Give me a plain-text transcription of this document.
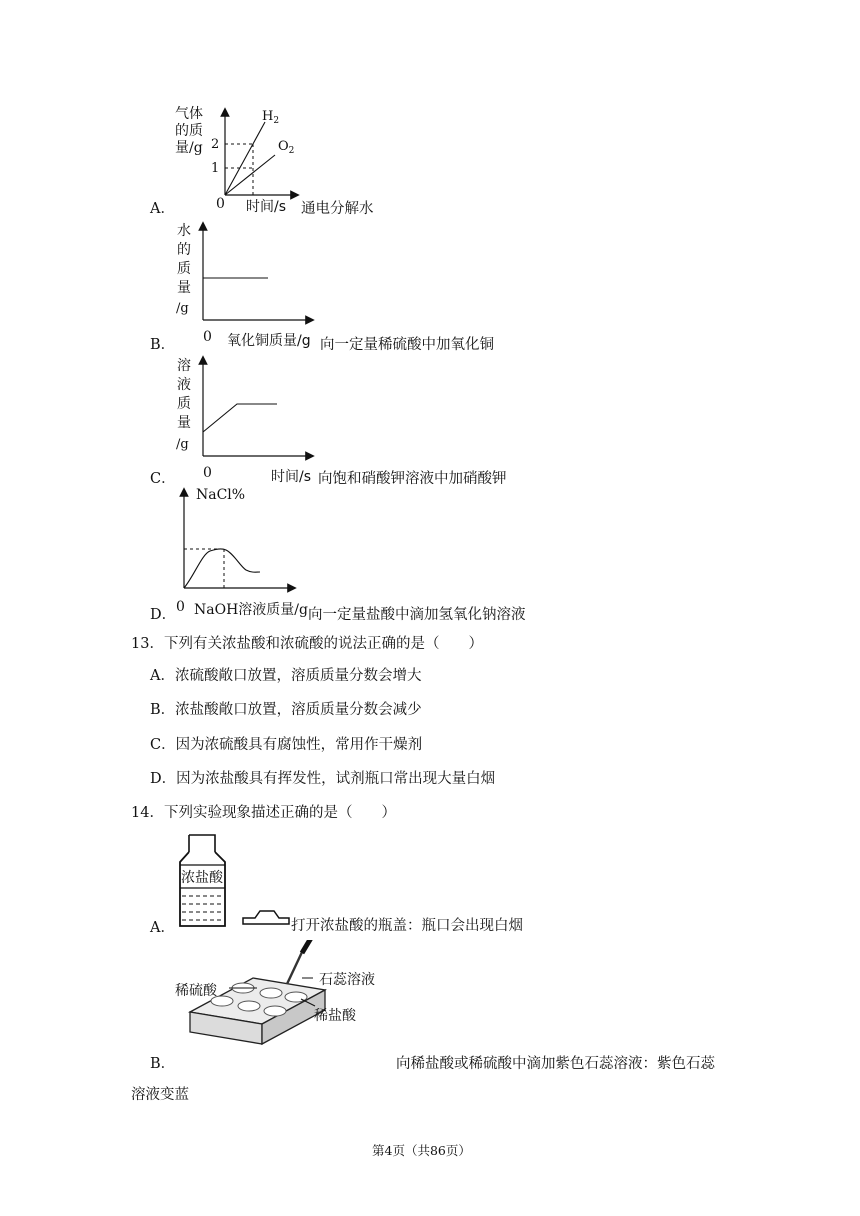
气体
的质
量/g 2
1
$H_2$
$O_2$
A．	0 时间/s 通电分解水
水
的
质
量
/g
B． 0 氧化铜质量/g 向一定量稀硫酸中加氧化铜
溶
液
质
量
/g
C． 0	时间/s 向饱和硝酸钾溶液中加硝酸钾
NaCl%
D． 0 NaOH溶液质量/g 向一定量盐酸中滴加氢氧化钠溶液
13．下列有关浓盐酸和浓硫酸的说法正确的是（　　）
A．浓硫酸敞口放置，溶质质量分数会增大
B．浓盐酸敞口放置，溶质质量分数会减少
C．因为浓硫酸具有腐蚀性，常用作干燥剂
D．因为浓盐酸具有挥发性，试剂瓶口常出现大量白烟
14．下列实验现象描述正确的是（　　）
浓盐酸
A．	打开浓盐酸的瓶盖：瓶口会出现白烟
稀硫酸
石蕊溶液
稀盐酸
B．	向稀盐酸或稀硫酸中滴加紫色石蕊溶液：紫色石蕊
溶液变蓝
第4页（共86页）
